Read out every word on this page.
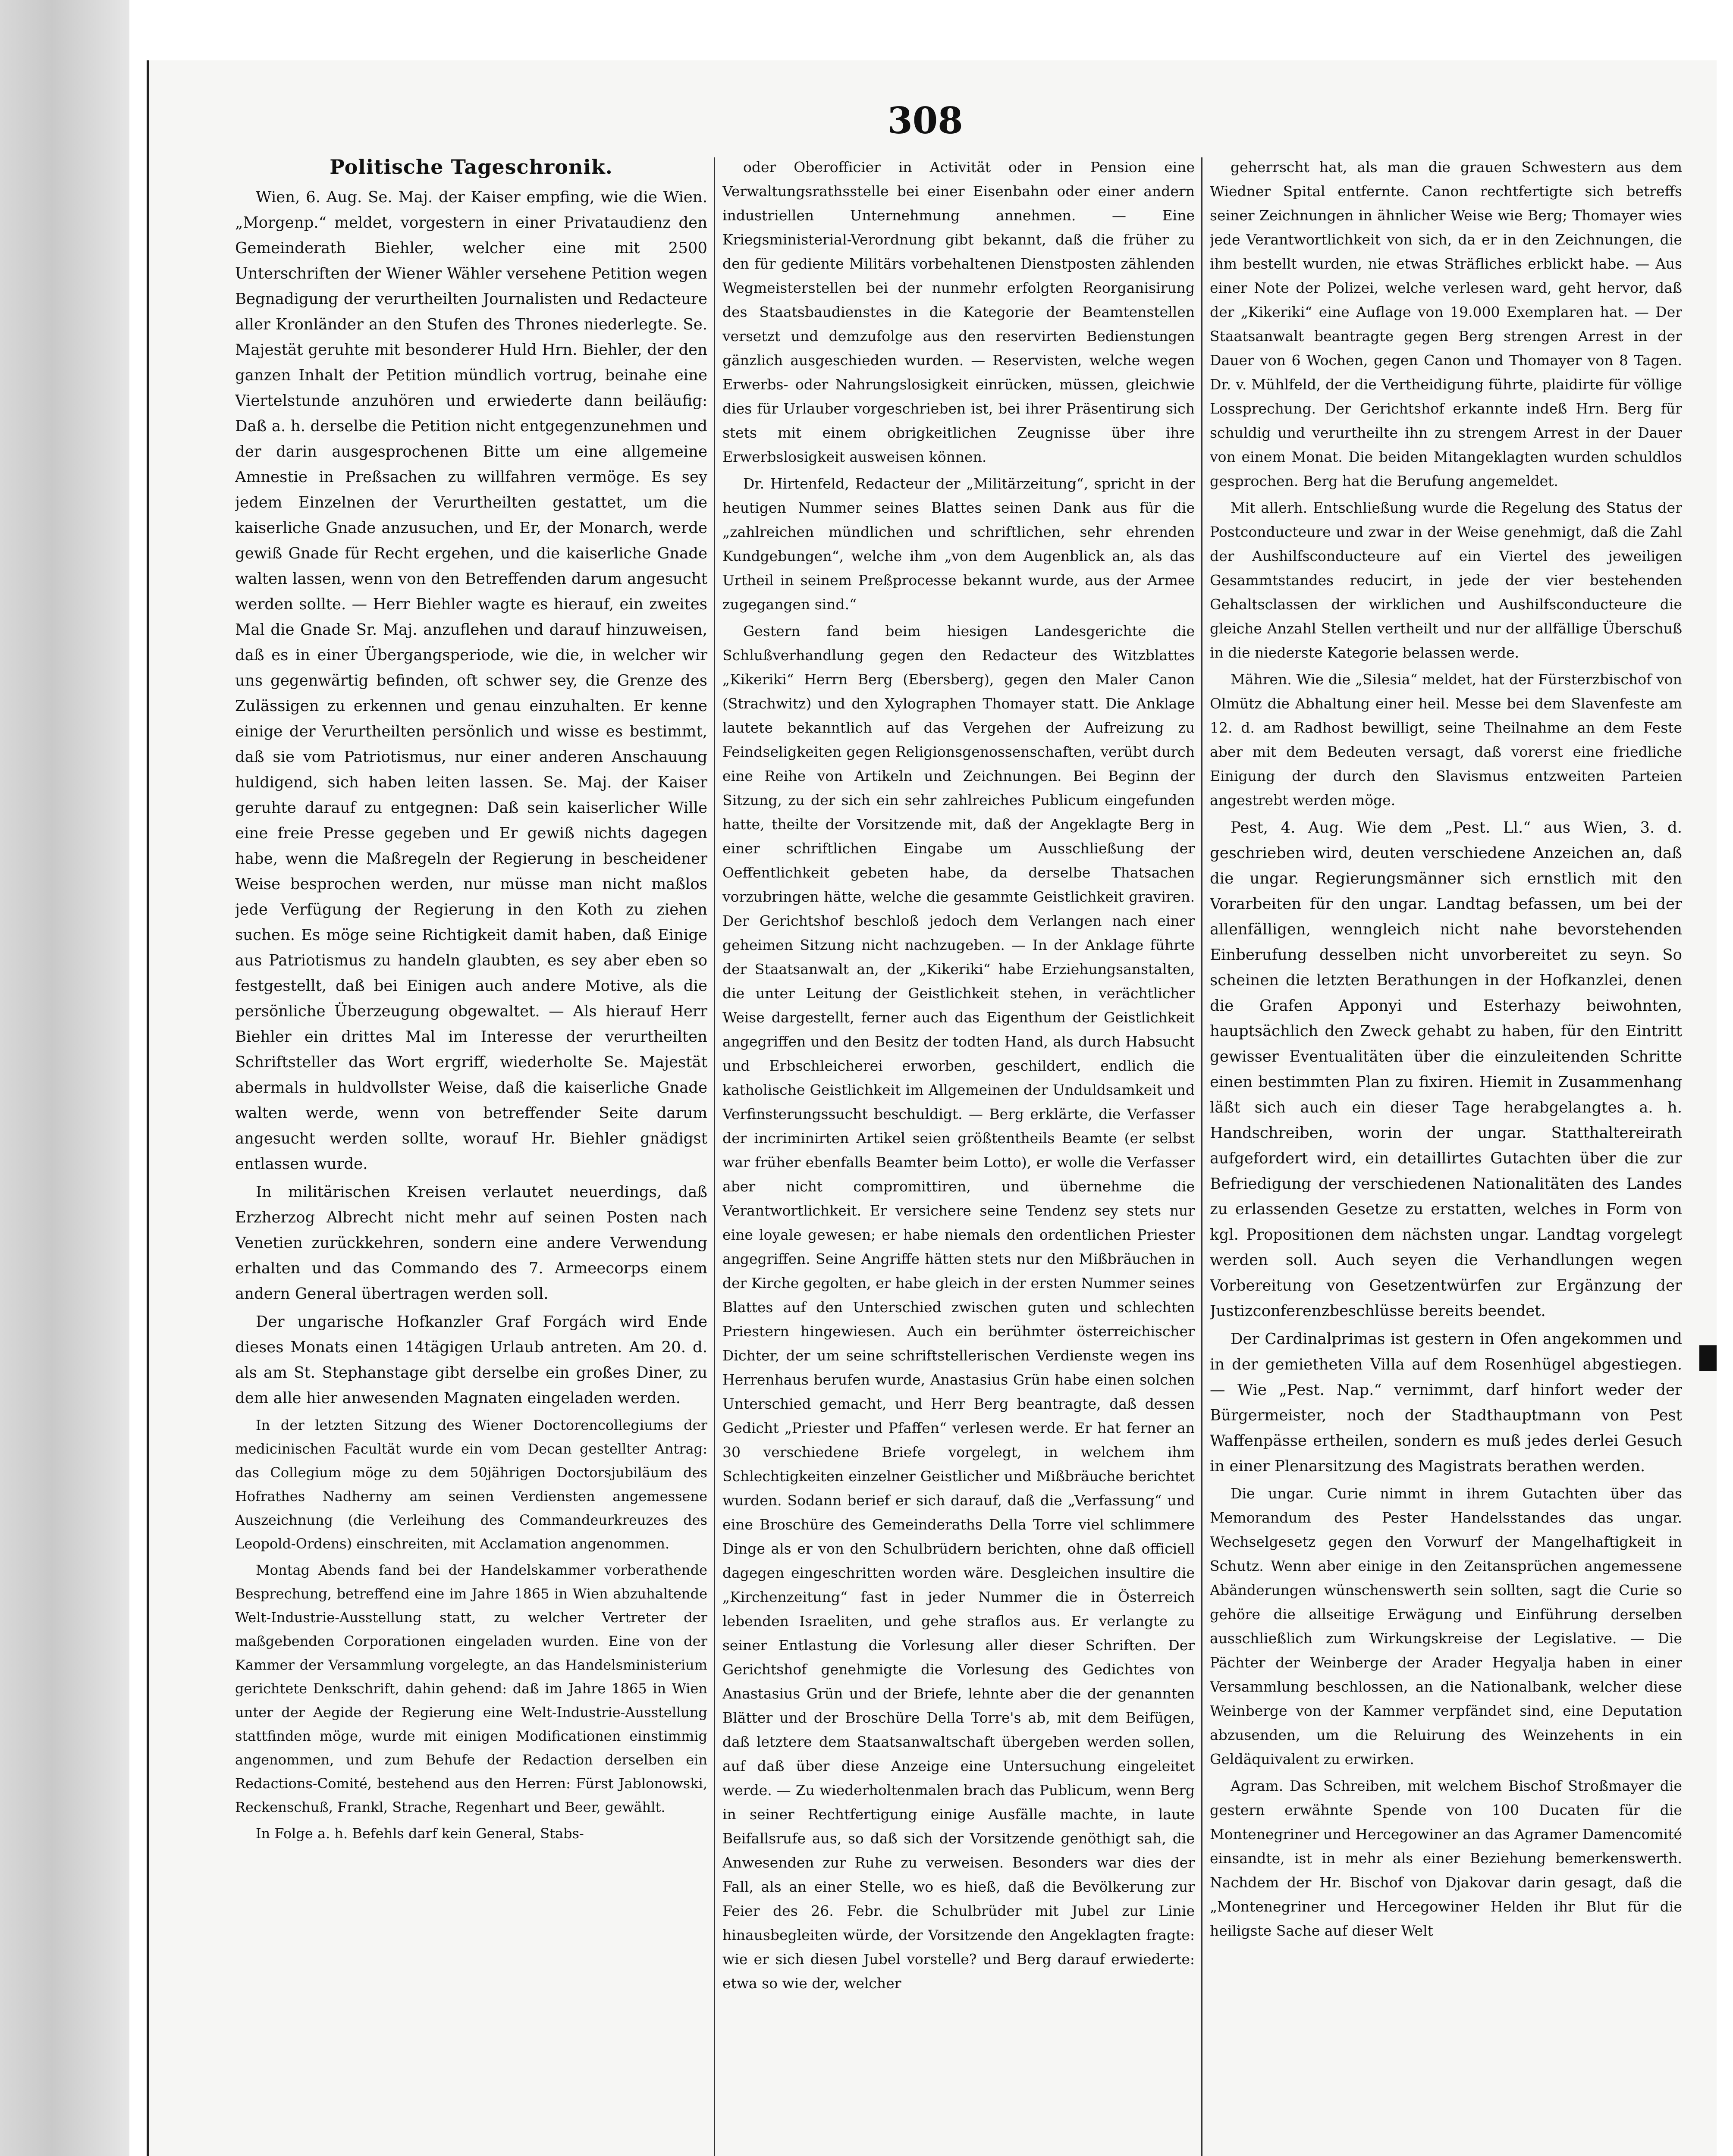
308
Politische Tageschronik.
Wien, 6. Aug. Se. Maj. der Kaiser empfing, wie die Wien. „Morgenp.“ meldet, vorgestern in einer Privataudienz den Gemeinderath Biehler, welcher eine mit 2500 Unterschriften der Wiener Wähler versehene Petition wegen Begnadigung der verurtheilten Journalisten und Redacteure aller Kronländer an den Stufen des Thrones niederlegte. Se. Majestät geruhte mit besonderer Huld Hrn. Biehler, der den ganzen Inhalt der Petition mündlich vortrug, beinahe eine Viertelstunde anzuhören und erwiederte dann beiläufig: Daß a. h. derselbe die Petition nicht entgegenzunehmen und der darin ausgesprochenen Bitte um eine allgemeine Amnestie in Preßsachen zu willfahren vermöge. Es sey jedem Einzelnen der Verurtheilten gestattet, um die kaiserliche Gnade anzusuchen, und Er, der Monarch, werde gewiß Gnade für Recht ergehen, und die kaiserliche Gnade walten lassen, wenn von den Betreffenden darum angesucht werden sollte. — Herr Biehler wagte es hierauf, ein zweites Mal die Gnade Sr. Maj. anzuflehen und darauf hinzuweisen, daß es in einer Übergangsperiode, wie die, in welcher wir uns gegenwärtig befinden, oft schwer sey, die Grenze des Zulässigen zu erkennen und genau einzuhalten. Er kenne einige der Verurtheilten persönlich und wisse es bestimmt, daß sie vom Patriotismus, nur einer anderen Anschauung huldigend, sich haben leiten lassen. Se. Maj. der Kaiser geruhte darauf zu entgegnen: Daß sein kaiserlicher Wille eine freie Presse gegeben und Er gewiß nichts dagegen habe, wenn die Maßregeln der Regierung in bescheidener Weise besprochen werden, nur müsse man nicht maßlos jede Verfügung der Regierung in den Koth zu ziehen suchen. Es möge seine Richtigkeit damit haben, daß Einige aus Patriotismus zu handeln glaubten, es sey aber eben so festgestellt, daß bei Einigen auch andere Motive, als die persönliche Überzeugung obgewaltet. — Als hierauf Herr Biehler ein drittes Mal im Interesse der verurtheilten Schriftsteller das Wort ergriff, wiederholte Se. Majestät abermals in huldvollster Weise, daß die kaiserliche Gnade walten werde, wenn von betreffender Seite darum angesucht werden sollte, worauf Hr. Biehler gnädigst entlassen wurde.
In militärischen Kreisen verlautet neuerdings, daß Erzherzog Albrecht nicht mehr auf seinen Posten nach Venetien zurückkehren, sondern eine andere Verwendung erhalten und das Commando des 7. Armeecorps einem andern General übertragen werden soll.
Der ungarische Hofkanzler Graf Forgách wird Ende dieses Monats einen 14tägigen Urlaub antreten. Am 20. d. als am St. Stephanstage gibt derselbe ein großes Diner, zu dem alle hier anwesenden Magnaten eingeladen werden.
In der letzten Sitzung des Wiener Doctorencollegiums der medicinischen Facultät wurde ein vom Decan gestellter Antrag: das Collegium möge zu dem 50jährigen Doctorsjubiläum des Hofrathes Nadherny am seinen Verdiensten angemessene Auszeichnung (die Verleihung des Commandeurkreuzes des Leopold-Ordens) einschreiten, mit Acclamation angenommen.
Montag Abends fand bei der Handelskammer vorberathende Besprechung, betreffend eine im Jahre 1865 in Wien abzuhaltende Welt-Industrie-Ausstellung statt, zu welcher Vertreter der maßgebenden Corporationen eingeladen wurden. Eine von der Kammer der Versammlung vorgelegte, an das Handelsministerium gerichtete Denkschrift, dahin gehend: daß im Jahre 1865 in Wien unter der Aegide der Regierung eine Welt-Industrie-Ausstellung stattfinden möge, wurde mit einigen Modificationen einstimmig angenommen, und zum Behufe der Redaction derselben ein Redactions-Comité, bestehend aus den Herren: Fürst Jablonowski, Reckenschuß, Frankl, Strache, Regenhart und Beer, gewählt.
In Folge a. h. Befehls darf kein General, Stabs-
oder Oberofficier in Activität oder in Pension eine Verwaltungsrathsstelle bei einer Eisenbahn oder einer andern industriellen Unternehmung annehmen. — Eine Kriegsministerial-Verordnung gibt bekannt, daß die früher zu den für gediente Militärs vorbehaltenen Dienstposten zählenden Wegmeisterstellen bei der nunmehr erfolgten Reorganisirung des Staatsbaudienstes in die Kategorie der Beamtenstellen versetzt und demzufolge aus den reservirten Bedienstungen gänzlich ausgeschieden wurden. — Reservisten, welche wegen Erwerbs- oder Nahrungslosigkeit einrücken, müssen, gleichwie dies für Urlauber vorgeschrieben ist, bei ihrer Präsentirung sich stets mit einem obrigkeitlichen Zeugnisse über ihre Erwerbslosigkeit ausweisen können.
Dr. Hirtenfeld, Redacteur der „Militärzeitung“, spricht in der heutigen Nummer seines Blattes seinen Dank aus für die „zahlreichen mündlichen und schriftlichen, sehr ehrenden Kundgebungen“, welche ihm „von dem Augenblick an, als das Urtheil in seinem Preßprocesse bekannt wurde, aus der Armee zugegangen sind.“
Gestern fand beim hiesigen Landesgerichte die Schlußverhandlung gegen den Redacteur des Witzblattes „Kikeriki“ Herrn Berg (Ebersberg), gegen den Maler Canon (Strachwitz) und den Xylographen Thomayer statt. Die Anklage lautete bekanntlich auf das Vergehen der Aufreizung zu Feindseligkeiten gegen Religionsgenossenschaften, verübt durch eine Reihe von Artikeln und Zeichnungen. Bei Beginn der Sitzung, zu der sich ein sehr zahlreiches Publicum eingefunden hatte, theilte der Vorsitzende mit, daß der Angeklagte Berg in einer schriftlichen Eingabe um Ausschließung der Oeffentlichkeit gebeten habe, da derselbe Thatsachen vorzubringen hätte, welche die gesammte Geistlichkeit graviren. Der Gerichtshof beschloß jedoch dem Verlangen nach einer geheimen Sitzung nicht nachzugeben. — In der Anklage führte der Staatsanwalt an, der „Kikeriki“ habe Erziehungsanstalten, die unter Leitung der Geistlichkeit stehen, in verächtlicher Weise dargestellt, ferner auch das Eigenthum der Geistlichkeit angegriffen und den Besitz der todten Hand, als durch Habsucht und Erbschleicherei erworben, geschildert, endlich die katholische Geistlichkeit im Allgemeinen der Unduldsamkeit und Verfinsterungssucht beschuldigt. — Berg erklärte, die Verfasser der incriminirten Artikel seien größtentheils Beamte (er selbst war früher ebenfalls Beamter beim Lotto), er wolle die Verfasser aber nicht compromittiren, und übernehme die Verantwortlichkeit. Er versichere seine Tendenz sey stets nur eine loyale gewesen; er habe niemals den ordentlichen Priester angegriffen. Seine Angriffe hätten stets nur den Mißbräuchen in der Kirche gegolten, er habe gleich in der ersten Nummer seines Blattes auf den Unterschied zwischen guten und schlechten Priestern hingewiesen. Auch ein berühmter österreichischer Dichter, der um seine schriftstellerischen Verdienste wegen ins Herrenhaus berufen wurde, Anastasius Grün habe einen solchen Unterschied gemacht, und Herr Berg beantragte, daß dessen Gedicht „Priester und Pfaffen“ verlesen werde. Er hat ferner an 30 verschiedene Briefe vorgelegt, in welchem ihm Schlechtigkeiten einzelner Geistlicher und Mißbräuche berichtet wurden. Sodann berief er sich darauf, daß die „Verfassung“ und eine Broschüre des Gemeinderaths Della Torre viel schlimmere Dinge als er von den Schulbrüdern berichten, ohne daß officiell dagegen eingeschritten worden wäre. Desgleichen insultire die „Kirchenzeitung“ fast in jeder Nummer die in Österreich lebenden Israeliten, und gehe straflos aus. Er verlangte zu seiner Entlastung die Vorlesung aller dieser Schriften. Der Gerichtshof genehmigte die Vorlesung des Gedichtes von Anastasius Grün und der Briefe, lehnte aber die der genannten Blätter und der Broschüre Della Torre's ab, mit dem Beifügen, daß letztere dem Staatsanwaltschaft übergeben werden sollen, auf daß über diese Anzeige eine Untersuchung eingeleitet werde. — Zu wiederholtenmalen brach das Publicum, wenn Berg in seiner Rechtfertigung einige Ausfälle machte, in laute Beifallsrufe aus, so daß sich der Vorsitzende genöthigt sah, die Anwesenden zur Ruhe zu verweisen. Besonders war dies der Fall, als an einer Stelle, wo es hieß, daß die Bevölkerung zur Feier des 26. Febr. die Schulbrüder mit Jubel zur Linie hinausbegleiten würde, der Vorsitzende den Angeklagten fragte: wie er sich diesen Jubel vorstelle? und Berg darauf erwiederte: etwa so wie der, welcher
geherrscht hat, als man die grauen Schwestern aus dem Wiedner Spital entfernte. Canon rechtfertigte sich betreffs seiner Zeichnungen in ähnlicher Weise wie Berg; Thomayer wies jede Verantwortlichkeit von sich, da er in den Zeichnungen, die ihm bestellt wurden, nie etwas Sträfliches erblickt habe. — Aus einer Note der Polizei, welche verlesen ward, geht hervor, daß der „Kikeriki“ eine Auflage von 19.000 Exemplaren hat. — Der Staatsanwalt beantragte gegen Berg strengen Arrest in der Dauer von 6 Wochen, gegen Canon und Thomayer von 8 Tagen. Dr. v. Mühlfeld, der die Vertheidigung führte, plaidirte für völlige Lossprechung. Der Gerichtshof erkannte indeß Hrn. Berg für schuldig und verurtheilte ihn zu strengem Arrest in der Dauer von einem Monat. Die beiden Mitangeklagten wurden schuldlos gesprochen. Berg hat die Berufung angemeldet.
Mit allerh. Entschließung wurde die Regelung des Status der Postconducteure und zwar in der Weise genehmigt, daß die Zahl der Aushilfsconducteure auf ein Viertel des jeweiligen Gesammtstandes reducirt, in jede der vier bestehenden Gehaltsclassen der wirklichen und Aushilfsconducteure die gleiche Anzahl Stellen vertheilt und nur der allfällige Überschuß in die niederste Kategorie belassen werde.
Mähren. Wie die „Silesia“ meldet, hat der Fürsterzbischof von Olmütz die Abhaltung einer heil. Messe bei dem Slavenfeste am 12. d. am Radhost bewilligt, seine Theilnahme an dem Feste aber mit dem Bedeuten versagt, daß vorerst eine friedliche Einigung der durch den Slavismus entzweiten Parteien angestrebt werden möge.
Pest, 4. Aug. Wie dem „Pest. Ll.“ aus Wien, 3. d. geschrieben wird, deuten verschiedene Anzeichen an, daß die ungar. Regierungsmänner sich ernstlich mit den Vorarbeiten für den ungar. Landtag befassen, um bei der allenfälligen, wenngleich nicht nahe bevorstehenden Einberufung desselben nicht unvorbereitet zu seyn. So scheinen die letzten Berathungen in der Hofkanzlei, denen die Grafen Apponyi und Esterhazy beiwohnten, hauptsächlich den Zweck gehabt zu haben, für den Eintritt gewisser Eventualitäten über die einzuleitenden Schritte einen bestimmten Plan zu fixiren. Hiemit in Zusammenhang läßt sich auch ein dieser Tage herabgelangtes a. h. Handschreiben, worin der ungar. Statthaltereirath aufgefordert wird, ein detaillirtes Gutachten über die zur Befriedigung der verschiedenen Nationalitäten des Landes zu erlassenden Gesetze zu erstatten, welches in Form von kgl. Propositionen dem nächsten ungar. Landtag vorgelegt werden soll. Auch seyen die Verhandlungen wegen Vorbereitung von Gesetzentwürfen zur Ergänzung der Justizconferenzbeschlüsse bereits beendet.
Der Cardinalprimas ist gestern in Ofen angekommen und in der gemietheten Villa auf dem Rosenhügel abgestiegen. — Wie „Pest. Nap.“ vernimmt, darf hinfort weder der Bürgermeister, noch der Stadthauptmann von Pest Waffenpässe ertheilen, sondern es muß jedes derlei Gesuch in einer Plenarsitzung des Magistrats berathen werden.
Die ungar. Curie nimmt in ihrem Gutachten über das Memorandum des Pester Handelsstandes das ungar. Wechselgesetz gegen den Vorwurf der Mangelhaftigkeit in Schutz. Wenn aber einige in den Zeitansprüchen angemessene Abänderungen wünschenswerth sein sollten, sagt die Curie so gehöre die allseitige Erwägung und Einführung derselben ausschließlich zum Wirkungskreise der Legislative. — Die Pächter der Weinberge der Arader Hegyalja haben in einer Versammlung beschlossen, an die Nationalbank, welcher diese Weinberge von der Kammer verpfändet sind, eine Deputation abzusenden, um die Reluirung des Weinzehents in ein Geldäquivalent zu erwirken.
Agram. Das Schreiben, mit welchem Bischof Stroßmayer die gestern erwähnte Spende von 100 Ducaten für die Montenegriner und Hercegowiner an das Agramer Damencomité einsandte, ist in mehr als einer Beziehung bemerkenswerth. Nachdem der Hr. Bischof von Djakovar darin gesagt, daß die „Montenegriner und Hercegowiner Helden ihr Blut für die heiligste Sache auf dieser Welt
